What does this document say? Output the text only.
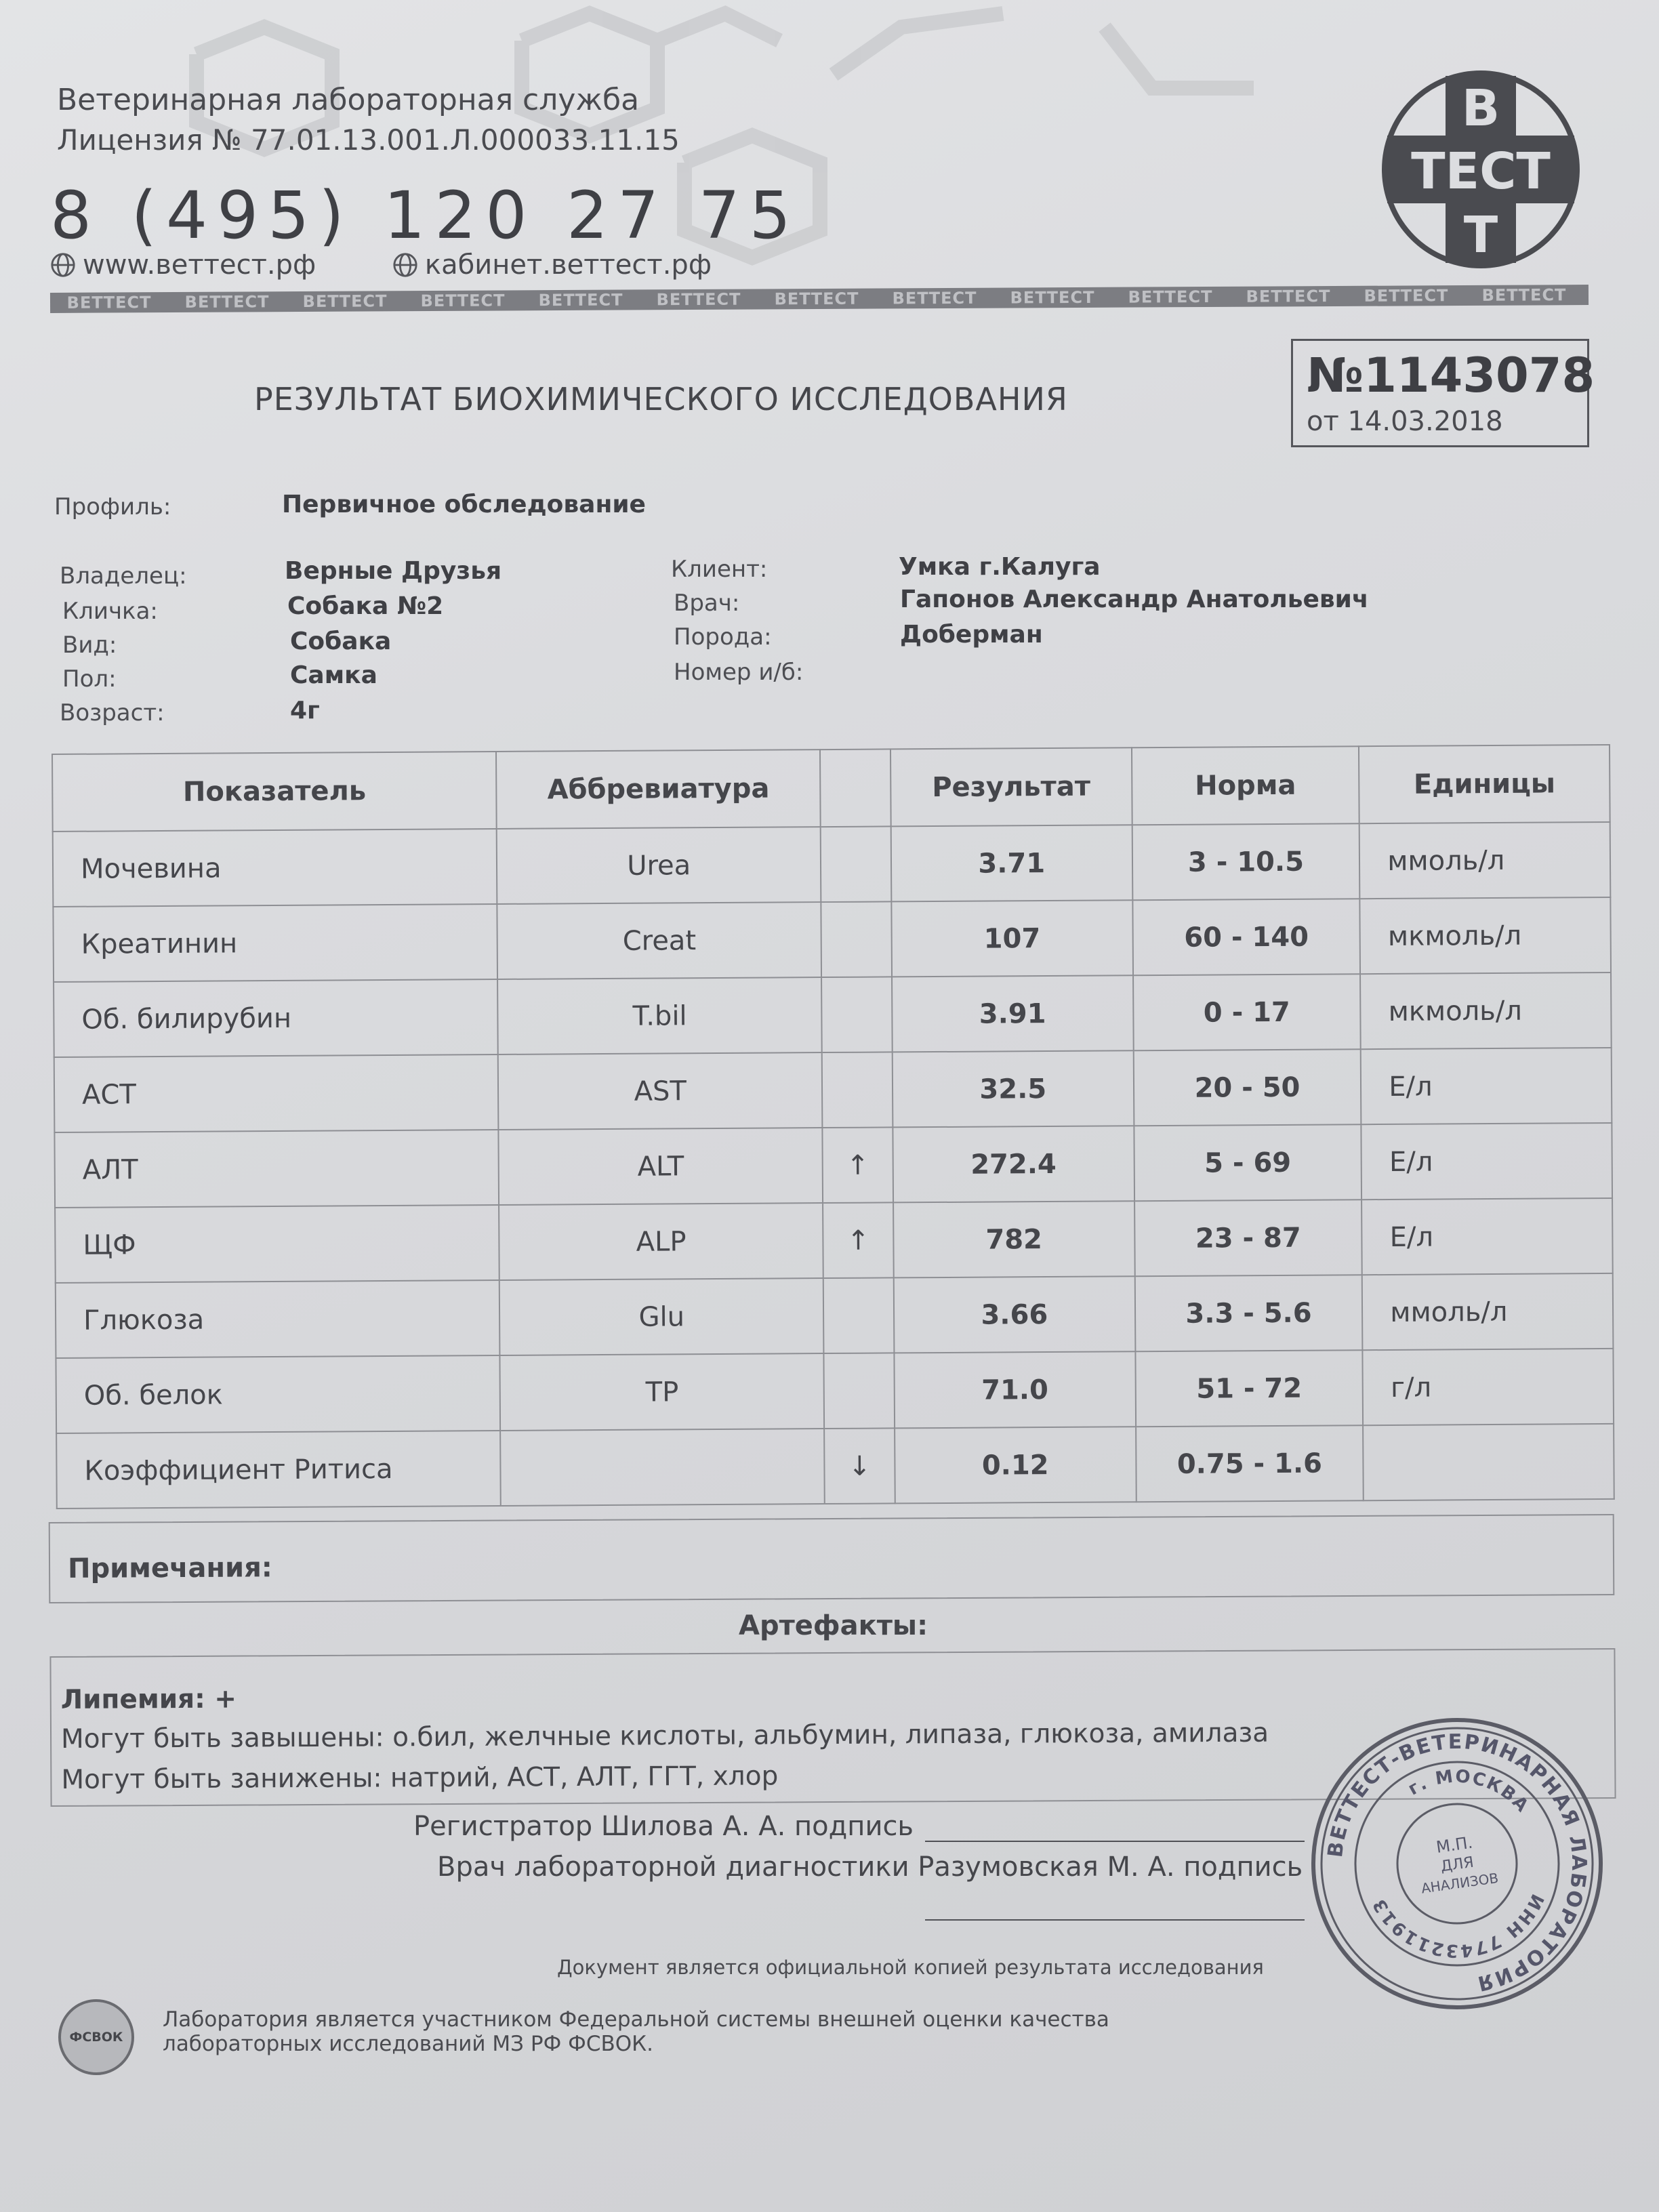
Ветеринарная лабораторная служба
Лицензия № 77.01.13.001.Л.000033.11.15
8 (495) 120 27 75
www.веттест.рф	кабинет.веттест.рф
ВЕТТЕСТ ВЕТТЕСТ ВЕТТЕСТ ВЕТТЕСТ ВЕТТЕСТ ВЕТТЕСТ ВЕТТЕСТ ВЕТТЕСТ ВЕТТЕСТ ВЕТТЕСТ ВЕТТЕСТ ВЕТТЕСТ ВЕТТЕСТ
В
ТЕСТ
Т
РЕЗУЛЬТАТ БИОХИМИЧЕСКОГО ИССЛЕДОВАНИЯ	№1143078
от 14.03.2018
Профиль:	Первичное обследование
Владелец:	Верные Друзья
Кличка:	Собака №2
Вид:	Собака
Пол:	Самка
Возраст:	4г
Клиент:	Умка г.Калуга
Врач:	Гапонов Александр Анатольевич
Порода:	Доберман
Номер и/б:
Показатель	Аббревиатура		Результат	Норма	Единицы
Мочевина	Urea		3.71	3 - 10.5	ммоль/л
Креатинин	Creat		107	60 - 140	мкмоль/л
Об. билирубин	T.bil		3.91	0 - 17	мкмоль/л
АСТ	AST		32.5	20 - 50	Е/л
АЛТ	ALT	↑	272.4	5 - 69	Е/л
ЩФ	ALP	↑	782	23 - 87	Е/л
Глюкоза	Glu		3.66	3.3 - 5.6	ммоль/л
Об. белок	TP		71.0	51 - 72	г/л
Коэффициент Ритиса		↓	0.12	0.75 - 1.6	
Примечания:
Артефакты:
Липемия: +
Могут быть завышены: о.бил, желчные кислоты, альбумин, липаза, глюкоза, амилаза
Могут быть занижены: натрий, АСТ, АЛТ, ГГТ, хлор
Регистратор Шилова А. А. подпись
Врач лабораторной диагностики Разумовская М. А. подпись
Документ является официальной копией результата исследования
ФСВОК
Лаборатория является участником Федеральной системы внешней оценки качества
лабораторных исследований МЗ РФ ФСВОК.
ВЕТТЕСТ-ВЕТЕРИНАРНАЯ ЛАБОРАТОРИЯ
г. МОСКВА
ИНН 7743211913
М.П.
ДЛЯ
АНАЛИЗОВ
